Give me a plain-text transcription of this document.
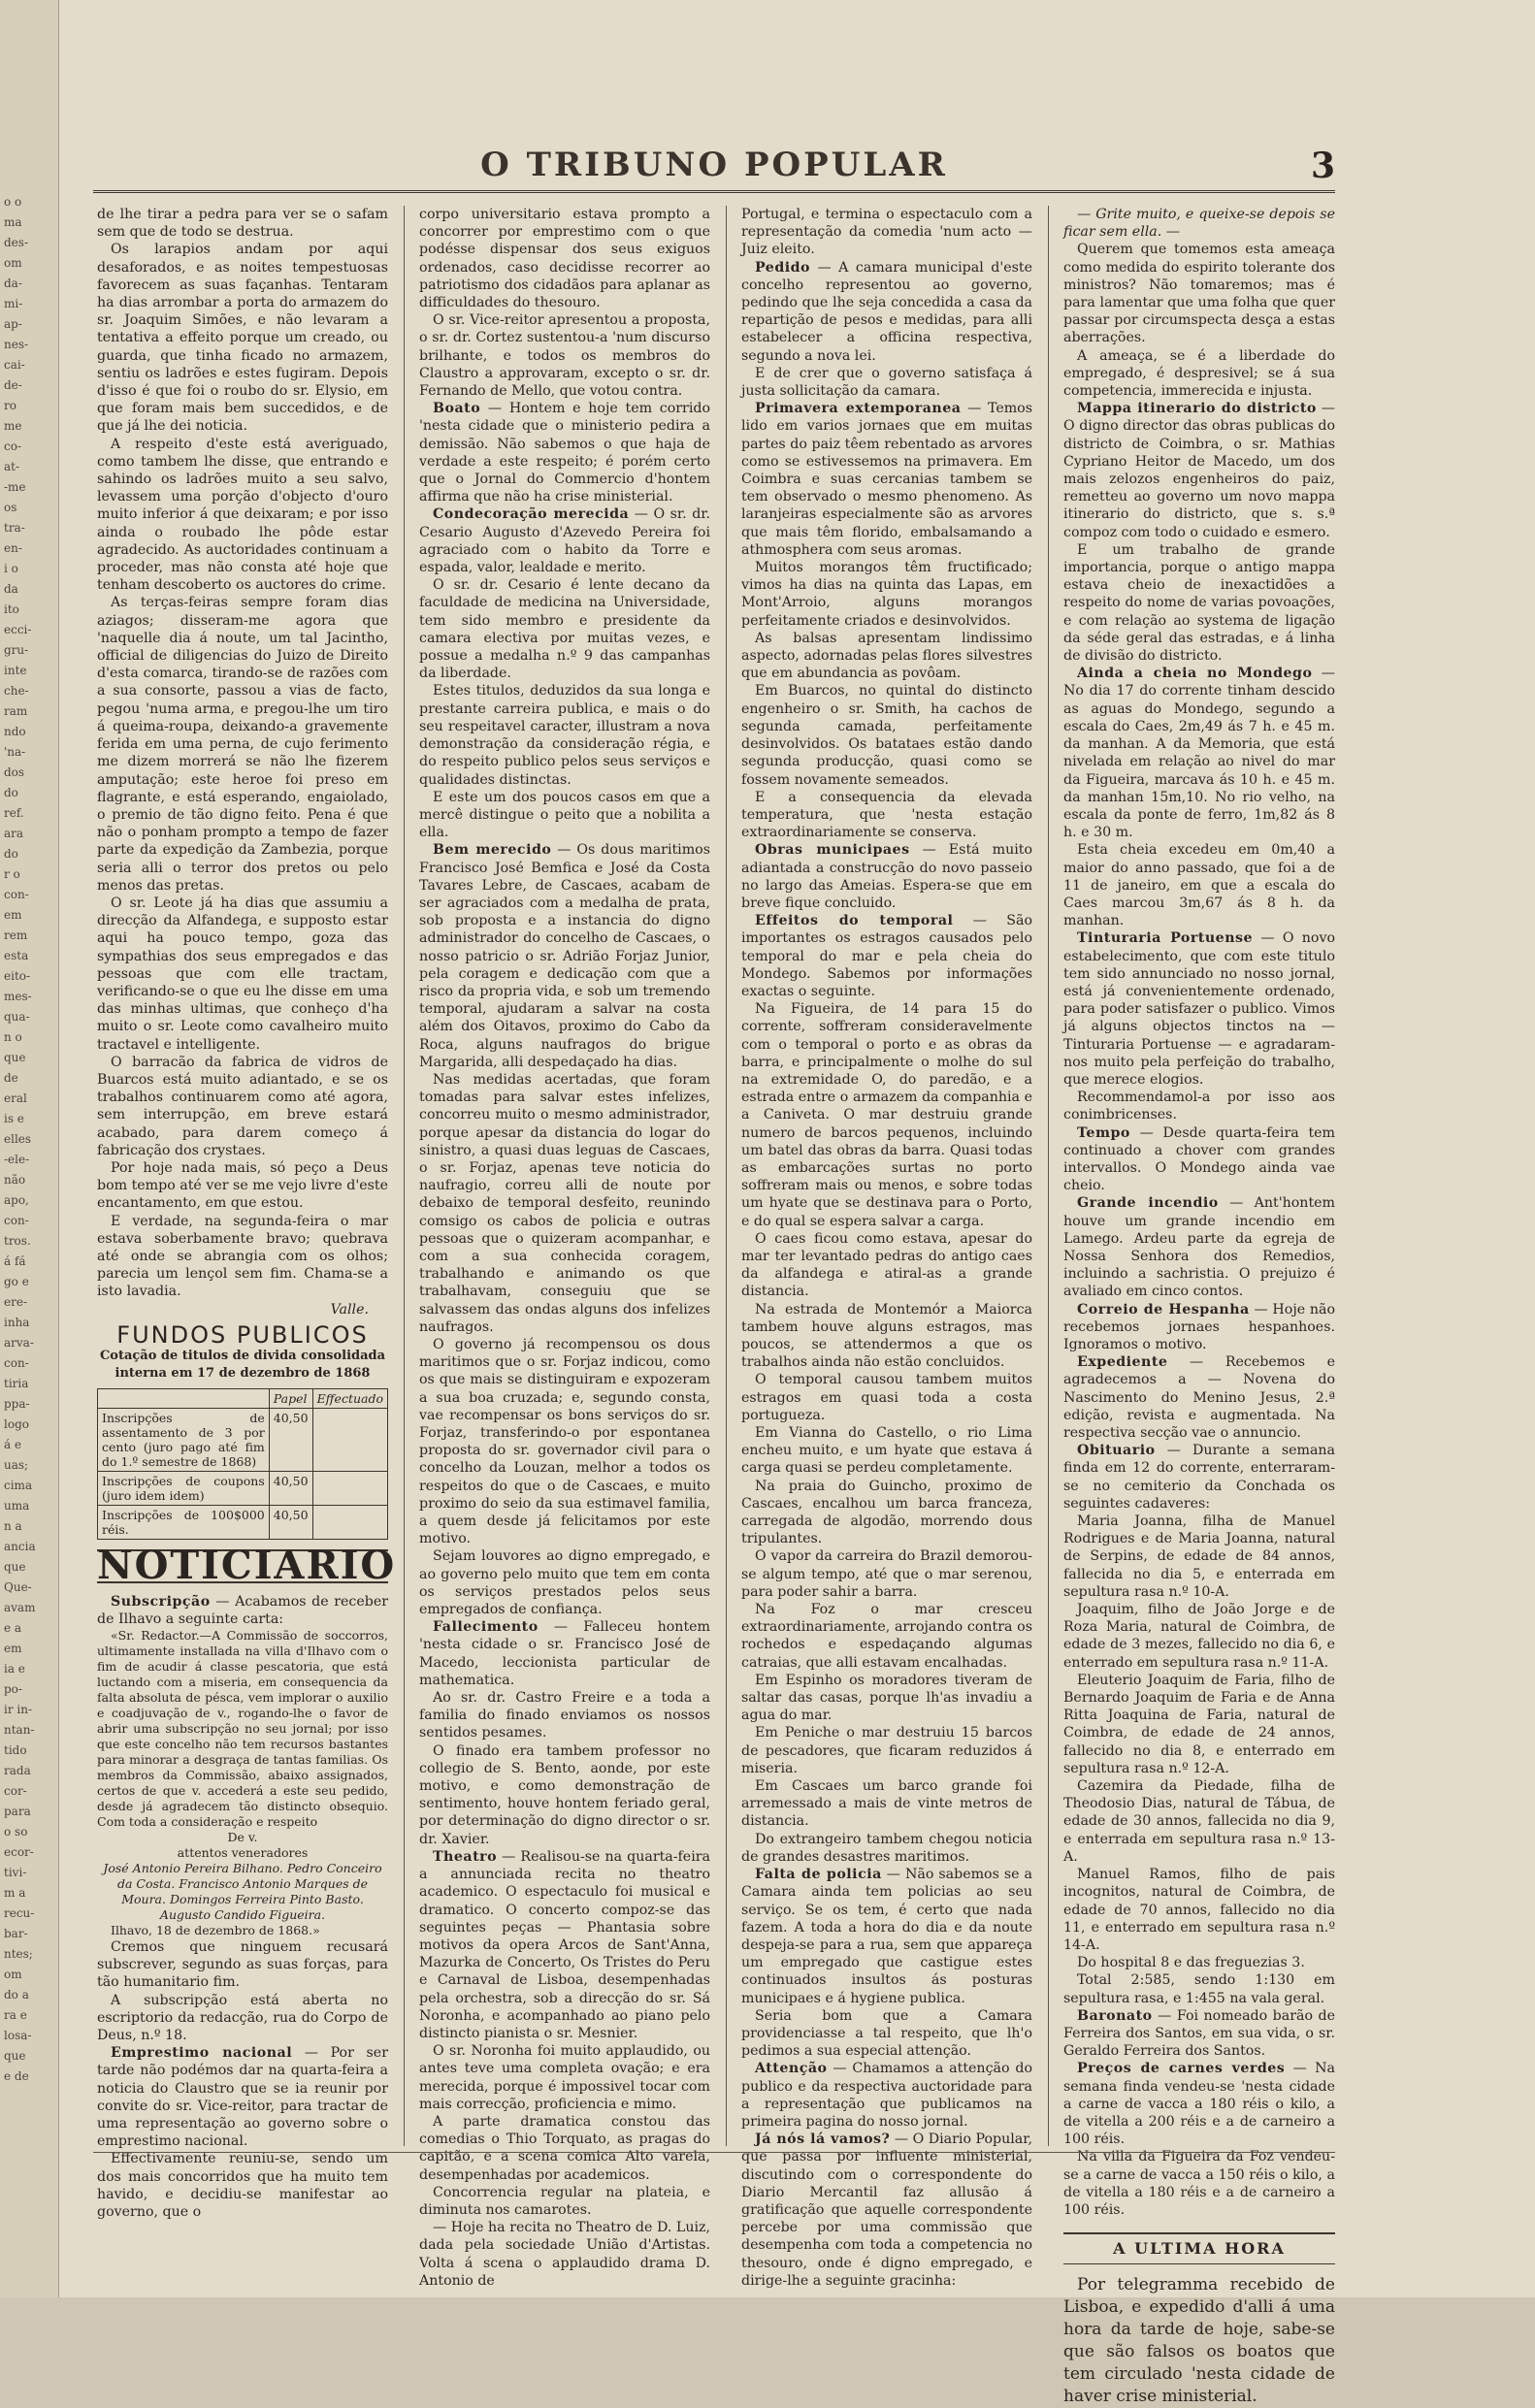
o o
ma
des-
om
da-
mi-
ap-
nes-
cai-
de-
ro
me
co-
at-
-me
os
tra-
en-
i o
da
ito
ecci-
gru-
inte
che-
ram
ndo
'na-
dos
do
ref.
ara
do
r o
con-
em
rem
esta
eito-
mes-
qua-
n o
que
de
eral
is e
elles
-ele-
não
apo,
con-
tros.
á fá
go e
ere-
inha
arva-
con-
tiria
ppa-
logo
á e
uas;
cima
uma
n a
ancia
que
Que-
avam
e a
em
ia e
po-
ir in-
ntan-
tido
rada
cor-
para
o so
ecor-
tivi-
m a
recu-
bar-
ntes;
om
do a
ra e
losa-
que
e de
O TRIBUNO POPULAR	3

de lhe tirar a pedra para ver se o safam sem que de todo se destrua.

Os larapios andam por aqui desaforados, e as noites tempestuosas favorecem as suas façanhas. Tentaram ha dias arrombar a porta do armazem do sr. Joaquim Simões, e não levaram a tentativa a effeito porque um creado, ou guarda, que tinha ficado no armazem, sentiu os ladrões e estes fugiram. Depois d'isso é que foi o roubo do sr. Elysio, em que foram mais bem succedidos, e de que já lhe dei noticia.

A respeito d'este está averiguado, como tambem lhe disse, que entrando e sahindo os ladrões muito a seu salvo, levassem uma porção d'objecto d'ouro muito inferior á que deixaram; e por isso ainda o roubado lhe pôde estar agradecido. As auctoridades continuam a proceder, mas não consta até hoje que tenham descoberto os auctores do crime.

As terças-feiras sempre foram dias aziagos; disseram-me agora que 'naquelle dia á noute, um tal Jacintho, official de diligencias do Juizo de Direito d'esta comarca, tirando-se de razões com a sua consorte, passou a vias de facto, pegou 'numa arma, e pregou-lhe um tiro á queima-roupa, deixando-a gravemente ferida em uma perna, de cujo ferimento me dizem morrerá se não lhe fizerem amputação; este heroe foi preso em flagrante, e está esperando, engaiolado, o premio de tão digno feito. Pena é que não o ponham prompto a tempo de fazer parte da expedição da Zambezia, porque seria alli o terror dos pretos ou pelo menos das pretas.

O sr. Leote já ha dias que assumiu a direcção da Alfandega, e supposto estar aqui ha pouco tempo, goza das sympathias dos seus empregados e das pessoas que com elle tractam, verificando-se o que eu lhe disse em uma das minhas ultimas, que conheço d'ha muito o sr. Leote como cavalheiro muito tractavel e intelligente.

O barracão da fabrica de vidros de Buarcos está muito adiantado, e se os trabalhos continuarem como até agora, sem interrupção, em breve estará acabado, para darem começo á fabricação dos crystaes.

Por hoje nada mais, só peço a Deus bom tempo até ver se me vejo livre d'este encantamento, em que estou.

E verdade, na segunda-feira o mar estava soberbamente bravo; quebrava até onde se abrangia com os olhos; parecia um lençol sem fim. Chama-se a isto lavadia.

Valle.

FUNDOS PUBLICOS

Cotação de titulos de divida consolidada interna em 17 de dezembro de 1868

	Papel	Effectuado
Inscripções de assentamento de 3 por cento (juro pago até fim do 1.º semestre de 1868)	40,50	
Inscripções de coupons (juro idem idem)	40,50	
Inscripções de 100$000 réis.	40,50	

NOTICIARIO

Subscripção — Acabamos de receber de Ilhavo a seguinte carta:

«Sr. Redactor.—A Commissão de soccorros, ultimamente installada na villa d'Ilhavo com o fim de acudir á classe pescatoria, que está luctando com a miseria, em consequencia da falta absoluta de pésca, vem implorar o auxilio e coadjuvação de v., rogando-lhe o favor de abrir uma subscripção no seu jornal; por isso que este concelho não tem recursos bastantes para minorar a desgraça de tantas familias. Os membros da Commissão, abaixo assignados, certos de que v. accederá a este seu pedido, desde já agradecem tão distincto obsequio. Com toda a consideração e respeito

De v.

attentos veneradores

José Antonio Pereira Bilhano. Pedro Conceiro da Costa. Francisco Antonio Marques de Moura. Domingos Ferreira Pinto Basto. Augusto Candido Figueira.

Ilhavo, 18 de dezembro de 1868.»

Cremos que ninguem recusará subscrever, segundo as suas forças, para tão humanitario fim.

A subscripção está aberta no escriptorio da redacção, rua do Corpo de Deus, n.º 18.

Emprestimo nacional — Por ser tarde não podémos dar na quarta-feira a noticia do Claustro que se ia reunir por convite do sr. Vice-reitor, para tractar de uma representação ao governo sobre o emprestimo nacional.

Effectivamente reuniu-se, sendo um dos mais concorridos que ha muito tem havido, e decidiu-se manifestar ao governo, que o

corpo universitario estava prompto a concorrer por emprestimo com o que podésse dispensar dos seus exiguos ordenados, caso decidisse recorrer ao patriotismo dos cidadãos para aplanar as difficuldades do thesouro.

O sr. Vice-reitor apresentou a proposta, o sr. dr. Cortez sustentou-a 'num discurso brilhante, e todos os membros do Claustro a approvaram, excepto o sr. dr. Fernando de Mello, que votou contra.

Boato — Hontem e hoje tem corrido 'nesta cidade que o ministerio pedira a demissão. Não sabemos o que haja de verdade a este respeito; é porém certo que o Jornal do Commercio d'hontem affirma que não ha crise ministerial.

Condecoração merecida — O sr. dr. Cesario Augusto d'Azevedo Pereira foi agraciado com o habito da Torre e espada, valor, lealdade e merito.

O sr. dr. Cesario é lente decano da faculdade de medicina na Universidade, tem sido membro e presidente da camara electiva por muitas vezes, e possue a medalha n.º 9 das campanhas da liberdade.

Estes titulos, deduzidos da sua longa e prestante carreira publica, e mais o do seu respeitavel caracter, illustram a nova demonstração da consideração régia, e do respeito publico pelos seus serviços e qualidades distinctas.

E este um dos poucos casos em que a mercê distingue o peito que a nobilita a ella.

Bem merecido — Os dous maritimos Francisco José Bemfica e José da Costa Tavares Lebre, de Cascaes, acabam de ser agraciados com a medalha de prata, sob proposta e a instancia do digno administrador do concelho de Cascaes, o nosso patricio o sr. Adrião Forjaz Junior, pela coragem e dedicação com que a risco da propria vida, e sob um tremendo temporal, ajudaram a salvar na costa além dos Oitavos, proximo do Cabo da Roca, alguns naufragos do brigue Margarida, alli despedaçado ha dias.

Nas medidas acertadas, que foram tomadas para salvar estes infelizes, concorreu muito o mesmo administrador, porque apesar da distancia do logar do sinistro, a quasi duas leguas de Cascaes, o sr. Forjaz, apenas teve noticia do naufragio, correu alli de noute por debaixo de temporal desfeito, reunindo comsigo os cabos de policia e outras pessoas que o quizeram acompanhar, e com a sua conhecida coragem, trabalhando e animando os que trabalhavam, conseguiu que se salvassem das ondas alguns dos infelizes naufragos.

O governo já recompensou os dous maritimos que o sr. Forjaz indicou, como os que mais se distinguiram e expozeram a sua boa cruzada; e, segundo consta, vae recompensar os bons serviços do sr. Forjaz, transferindo-o por espontanea proposta do sr. governador civil para o concelho da Louzan, melhor a todos os respeitos do que o de Cascaes, e muito proximo do seio da sua estimavel familia, a quem desde já felicitamos por este motivo.

Sejam louvores ao digno empregado, e ao governo pelo muito que tem em conta os serviços prestados pelos seus empregados de confiança.

Fallecimento — Falleceu hontem 'nesta cidade o sr. Francisco José de Macedo, leccionista particular de mathematica.

Ao sr. dr. Castro Freire e a toda a familia do finado enviamos os nossos sentidos pesames.

O finado era tambem professor no collegio de S. Bento, aonde, por este motivo, e como demonstração de sentimento, houve hontem feriado geral, por determinação do digno director o sr. dr. Xavier.

Theatro — Realisou-se na quarta-feira a annunciada recita no theatro academico. O espectaculo foi musical e dramatico. O concerto compoz-se das seguintes peças — Phantasia sobre motivos da opera Arcos de Sant'Anna, Mazurka de Concerto, Os Tristes do Peru e Carnaval de Lisboa, desempenhadas pela orchestra, sob a direcção do sr. Sá Noronha, e acompanhado ao piano pelo distincto pianista o sr. Mesnier.

O sr. Noronha foi muito applaudido, ou antes teve uma completa ovação; e era merecida, porque é impossivel tocar com mais correcção, proficiencia e mimo.

A parte dramatica constou das comedias o Thio Torquato, as pragas do capitão, e a scena comica Alto varela, desempenhadas por academicos.

Concorrencia regular na plateia, e diminuta nos camarotes.

— Hoje ha recita no Theatro de D. Luiz, dada pela sociedade União d'Artistas. Volta á scena o applaudido drama D. Antonio de

Portugal, e termina o espectaculo com a representação da comedia 'num acto — Juiz eleito.

Pedido — A camara municipal d'este concelho representou ao governo, pedindo que lhe seja concedida a casa da repartição de pesos e medidas, para alli estabelecer a officina respectiva, segundo a nova lei.

E de crer que o governo satisfaça á justa sollicitação da camara.

Primavera extemporanea — Temos lido em varios jornaes que em muitas partes do paiz têem rebentado as arvores como se estivessemos na primavera. Em Coimbra e suas cercanias tambem se tem observado o mesmo phenomeno. As laranjeiras especialmente são as arvores que mais têm florido, embalsamando a athmosphera com seus aromas.

Muitos morangos têm fructificado; vimos ha dias na quinta das Lapas, em Mont'Arroio, alguns morangos perfeitamente criados e desinvolvidos.

As balsas apresentam lindissimo aspecto, adornadas pelas flores silvestres que em abundancia as povôam.

Em Buarcos, no quintal do distincto engenheiro o sr. Smith, ha cachos de segunda camada, perfeitamente desinvolvidos. Os batataes estão dando segunda producção, quasi como se fossem novamente semeados.

E a consequencia da elevada temperatura, que 'nesta estação extraordinariamente se conserva.

Obras municipaes — Está muito adiantada a construcção do novo passeio no largo das Ameias. Espera-se que em breve fique concluido.

Effeitos do temporal — São importantes os estragos causados pelo temporal do mar e pela cheia do Mondego. Sabemos por informações exactas o seguinte.

Na Figueira, de 14 para 15 do corrente, soffreram consideravelmente com o temporal o porto e as obras da barra, e principalmente o molhe do sul na extremidade O, do paredão, e a estrada entre o armazem da companhia e a Caniveta. O mar destruiu grande numero de barcos pequenos, incluindo um batel das obras da barra. Quasi todas as embarcações surtas no porto soffreram mais ou menos, e sobre todas um hyate que se destinava para o Porto, e do qual se espera salvar a carga.

O caes ficou como estava, apesar do mar ter levantado pedras do antigo caes da alfandega e atiral-as a grande distancia.

Na estrada de Montemór a Maiorca tambem houve alguns estragos, mas poucos, se attendermos a que os trabalhos ainda não estão concluidos.

O temporal causou tambem muitos estragos em quasi toda a costa portugueza.

Em Vianna do Castello, o rio Lima encheu muito, e um hyate que estava á carga quasi se perdeu completamente.

Na praia do Guincho, proximo de Cascaes, encalhou um barca franceza, carregada de algodão, morrendo dous tripulantes.

O vapor da carreira do Brazil demorou-se algum tempo, até que o mar serenou, para poder sahir a barra.

Na Foz o mar cresceu extraordinariamente, arrojando contra os rochedos e espedaçando algumas catraias, que alli estavam encalhadas.

Em Espinho os moradores tiveram de saltar das casas, porque lh'as invadiu a agua do mar.

Em Peniche o mar destruiu 15 barcos de pescadores, que ficaram reduzidos á miseria.

Em Cascaes um barco grande foi arremessado a mais de vinte metros de distancia.

Do extrangeiro tambem chegou noticia de grandes desastres maritimos.

Falta de policia — Não sabemos se a Camara ainda tem policias ao seu serviço. Se os tem, é certo que nada fazem. A toda a hora do dia e da noute despeja-se para a rua, sem que appareça um empregado que castigue estes continuados insultos ás posturas municipaes e á hygiene publica.

Seria bom que a Camara providenciasse a tal respeito, que lh'o pedimos a sua especial attenção.

Attenção — Chamamos a attenção do publico e da respectiva auctoridade para a representação que publicamos na primeira pagina do nosso jornal.

Já nós lá vamos? — O Diario Popular, que passa por influente ministerial, discutindo com o correspondente do Diario Mercantil faz allusão á gratificação que aquelle correspondente percebe por uma commissão que desempenha com toda a competencia no thesouro, onde é digno empregado, e dirige-lhe a seguinte gracinha:

— Grite muito, e queixe-se depois se ficar sem ella. —

Querem que tomemos esta ameaça como medida do espirito tolerante dos ministros? Não tomaremos; mas é para lamentar que uma folha que quer passar por circumspecta desça a estas aberrações.

A ameaça, se é a liberdade do empregado, é despresivel; se á sua competencia, immerecida e injusta.

Mappa itinerario do districto — O digno director das obras publicas do districto de Coimbra, o sr. Mathias Cypriano Heitor de Macedo, um dos mais zelozos engenheiros do paiz, remetteu ao governo um novo mappa itinerario do districto, que s. s.ª compoz com todo o cuidado e esmero.

E um trabalho de grande importancia, porque o antigo mappa estava cheio de inexactidões a respeito do nome de varias povoações, e com relação ao systema de ligação da séde geral das estradas, e á linha de divisão do districto.

Ainda a cheia no Mondego — No dia 17 do corrente tinham descido as aguas do Mondego, segundo a escala do Caes, 2m,49 ás 7 h. e 45 m. da manhan. A da Memoria, que está nivelada em relação ao nivel do mar da Figueira, marcava ás 10 h. e 45 m. da manhan 15m,10. No rio velho, na escala da ponte de ferro, 1m,82 ás 8 h. e 30 m.

Esta cheia excedeu em 0m,40 a maior do anno passado, que foi a de 11 de janeiro, em que a escala do Caes marcou 3m,67 ás 8 h. da manhan.

Tinturaria Portuense — O novo estabelecimento, que com este titulo tem sido annunciado no nosso jornal, está já convenientemente ordenado, para poder satisfazer o publico. Vimos já alguns objectos tinctos na — Tinturaria Portuense — e agradaram-nos muito pela perfeição do trabalho, que merece elogios.

Recommendamol-a por isso aos conimbricenses.

Tempo — Desde quarta-feira tem continuado a chover com grandes intervallos. O Mondego ainda vae cheio.

Grande incendio — Ant'hontem houve um grande incendio em Lamego. Ardeu parte da egreja de Nossa Senhora dos Remedios, incluindo a sachristia. O prejuizo é avaliado em cinco contos.

Correio de Hespanha — Hoje não recebemos jornaes hespanhoes. Ignoramos o motivo.

Expediente — Recebemos e agradecemos a — Novena do Nascimento do Menino Jesus, 2.ª edição, revista e augmentada. Na respectiva secção vae o annuncio.

Obituario — Durante a semana finda em 12 do corrente, enterraram-se no cemiterio da Conchada os seguintes cadaveres:

Maria Joanna, filha de Manuel Rodrigues e de Maria Joanna, natural de Serpins, de edade de 84 annos, fallecida no dia 5, e enterrada em sepultura rasa n.º 10-A.

Joaquim, filho de João Jorge e de Roza Maria, natural de Coimbra, de edade de 3 mezes, fallecido no dia 6, e enterrado em sepultura rasa n.º 11-A.

Eleuterio Joaquim de Faria, filho de Bernardo Joaquim de Faria e de Anna Ritta Joaquina de Faria, natural de Coimbra, de edade de 24 annos, fallecido no dia 8, e enterrado em sepultura rasa n.º 12-A.

Cazemira da Piedade, filha de Theodosio Dias, natural de Tábua, de edade de 30 annos, fallecida no dia 9, e enterrada em sepultura rasa n.º 13-A.

Manuel Ramos, filho de pais incognitos, natural de Coimbra, de edade de 70 annos, fallecido no dia 11, e enterrado em sepultura rasa n.º 14-A.

Do hospital 8 e das freguezias 3.

Total 2:585, sendo 1:130 em sepultura rasa, e 1:455 na vala geral.

Baronato — Foi nomeado barão de Ferreira dos Santos, em sua vida, o sr. Geraldo Ferreira dos Santos.

Preços de carnes verdes — Na semana finda vendeu-se 'nesta cidade a carne de vacca a 180 réis o kilo, a de vitella a 200 réis e a de carneiro a 100 réis.

Na villa da Figueira da Foz vendeu-se a carne de vacca a 150 réis o kilo, a de vitella a 180 réis e a de carneiro a 100 réis.

A ULTIMA HORA

Por telegramma recebido de Lisboa, e expedido d'alli á uma hora da tarde de hoje, sabe-se que são falsos os boatos que tem circulado 'nesta cidade de haver crise ministerial.
